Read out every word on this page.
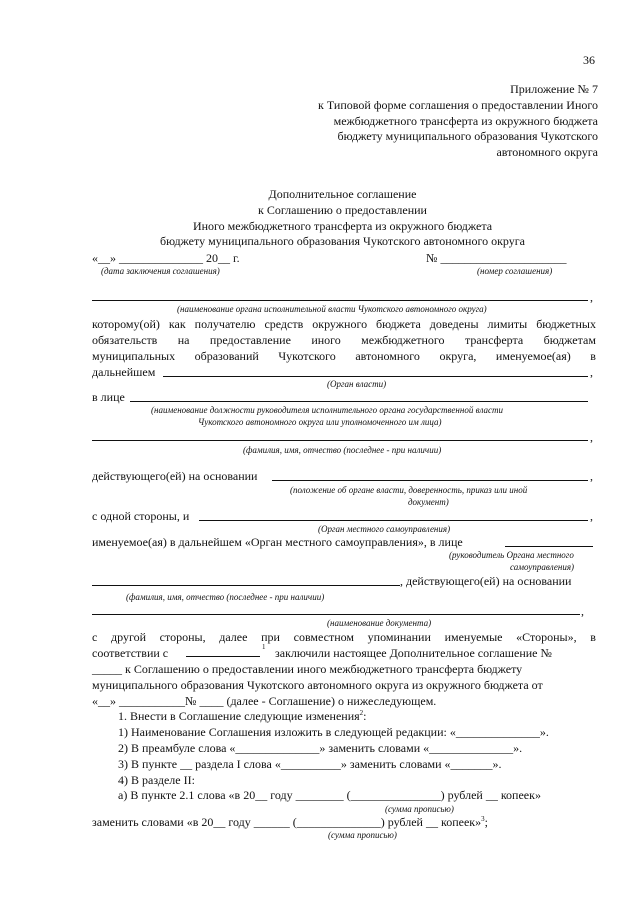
36
Приложение № 7
к Типовой форме соглашения о предоставлении Иного
межбюджетного трансферта из окружного бюджета
бюджету муниципального образования Чукотского
автономного округа
Дополнительное соглашение
к Соглашению о предоставлении
Иного межбюджетного трансферта из окружного бюджета
бюджету муниципального образования Чукотского автономного округа
«__» ______________ 20__ г.	№ _____________________
(дата заключения соглашения)	(номер соглашения)
,
(наименование органа исполнительной власти Чукотского автономного округа)
которому(ой) как получателю средств окружного бюджета доведены лимиты бюджетных
обязательств на предоставление иного межбюджетного трансферта бюджетам
муниципальных образований Чукотского автономного округа, именуемое(ая) в
дальнейшем	,
(Орган власти)
в лице
(наименование должности руководителя исполнительного органа государственной власти
Чукотского автономного округа или уполномоченного им лица)
,
(фамилия, имя, отчество (последнее - при наличии)
действующего(ей) на основании	,
(положение об органе власти, доверенность, приказ или иной
документ)
с одной стороны, и	,
(Орган местного самоуправления)
именуемое(ая) в дальнейшем «Орган местного самоуправления», в лице
(руководитель Органа местного
самоуправления)
, действующего(ей) на основании
(фамилия, имя, отчество (последнее - при наличии)
,
(наименование документа)
с другой стороны, далее при совместном упоминании именуемые «Стороны», в
соответствии с	1 заключили настоящее Дополнительное соглашение №
_____ к Соглашению о предоставлении иного межбюджетного трансферта бюджету
муниципального образования Чукотского автономного округа из окружного бюджета от
«__» ___________№ ____ (далее - Соглашение) о нижеследующем.
1. Внести в Соглашение следующие изменения$^2$:
1) Наименование Соглашения изложить в следующей редакции: «______________».
2) В преамбуле слова «______________» заменить словами «______________».
3) В пункте __ раздела I слова «__________» заменить словами «_______».
4) В разделе II:
а) В пункте 2.1 слова «в 20__ году ________ (_______________) рублей __ копеек»
(сумма прописью)
заменить словами «в 20__ году ______ (______________) рублей __ копеек»$^3$;
(сумма прописью)
